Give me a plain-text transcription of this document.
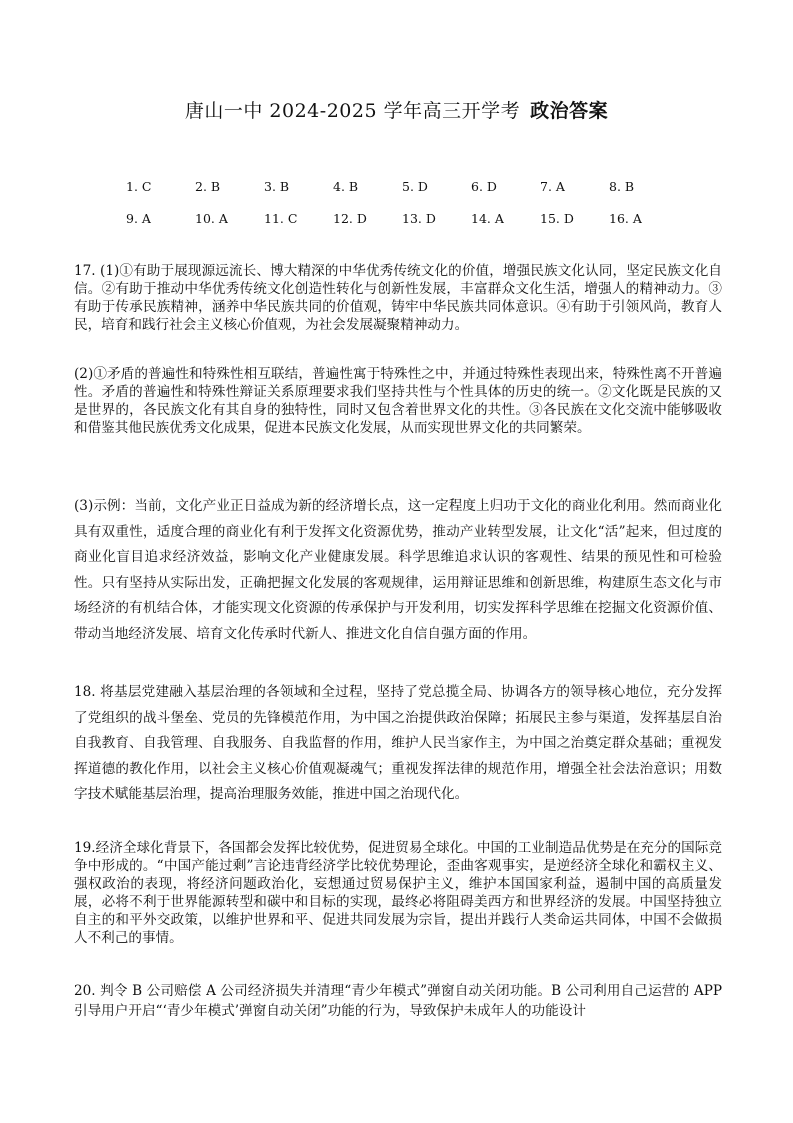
唐山一中 2024-2025 学年高三开学考 政治答案
1. C	2. B	3. B	4. B	5. D	6. D	7. A	8. B
9. A	10. A	11. C	12. D	13. D	14. A	15. D	16. A

17. (1)①有助于展现源远流长、博大精深的中华优秀传统文化的价值，增强民族文化认同，坚定民族文化自信。②有助于推动中华优秀传统文化创造性转化与创新性发展，丰富群众文化生活，增强人的精神动力。③有助于传承民族精神，涵养中华民族共同的价值观，铸牢中华民族共同体意识。④有助于引领风尚，教育人民，培育和践行社会主义核心价值观，为社会发展凝聚精神动力。

(2)①矛盾的普遍性和特殊性相互联结，普遍性寓于特殊性之中，并通过特殊性表现出来，特殊性离不开普遍性。矛盾的普遍性和特殊性辩证关系原理要求我们坚持共性与个性具体的历史的统一。②文化既是民族的又是世界的，各民族文化有其自身的独特性，同时又包含着世界文化的共性。③各民族在文化交流中能够吸收和借鉴其他民族优秀文化成果，促进本民族文化发展，从而实现世界文化的共同繁荣。

(3)示例：当前，文化产业正日益成为新的经济增长点，这一定程度上归功于文化的商业化利用。然而商业化具有双重性，适度合理的商业化有利于发挥文化资源优势，推动产业转型发展，让文化“活”起来，但过度的商业化盲目追求经济效益，影响文化产业健康发展。科学思维追求认识的客观性、结果的预见性和可检验性。只有坚持从实际出发，正确把握文化发展的客观规律，运用辩证思维和创新思维，构建原生态文化与市场经济的有机结合体，才能实现文化资源的传承保护与开发利用，切实发挥科学思维在挖掘文化资源价值、带动当地经济发展、培育文化传承时代新人、推进文化自信自强方面的作用。

18. 将基层党建融入基层治理的各领域和全过程，坚持了党总揽全局、协调各方的领导核心地位，充分发挥了党组织的战斗堡垒、党员的先锋模范作用，为中国之治提供政治保障；拓展民主参与渠道，发挥基层自治自我教育、自我管理、自我服务、自我监督的作用，维护人民当家作主，为中国之治奠定群众基础；重视发挥道德的教化作用，以社会主义核心价值观凝魂气；重视发挥法律的规范作用，增强全社会法治意识；用数字技术赋能基层治理，提高治理服务效能，推进中国之治现代化。

19.经济全球化背景下，各国都会发挥比较优势，促进贸易全球化。中国的工业制造品优势是在充分的国际竞争中形成的。“中国产能过剩”言论违背经济学比较优势理论，歪曲客观事实，是逆经济全球化和霸权主义、强权政治的表现，将经济问题政治化，妄想通过贸易保护主义，维护本国国家利益，遏制中国的高质量发展，必将不利于世界能源转型和碳中和目标的实现，最终必将阻碍美西方和世界经济的发展。中国坚持独立自主的和平外交政策，以维护世界和平、促进共同发展为宗旨，提出并践行人类命运共同体，中国不会做损人不利己的事情。

20. 判令 B 公司赔偿 A 公司经济损失并清理“青少年模式”弹窗自动关闭功能。B 公司利用自己运营的 APP 引导用户开启“‘青少年模式’弹窗自动关闭”功能的行为，导致保护未成年人的功能设计
